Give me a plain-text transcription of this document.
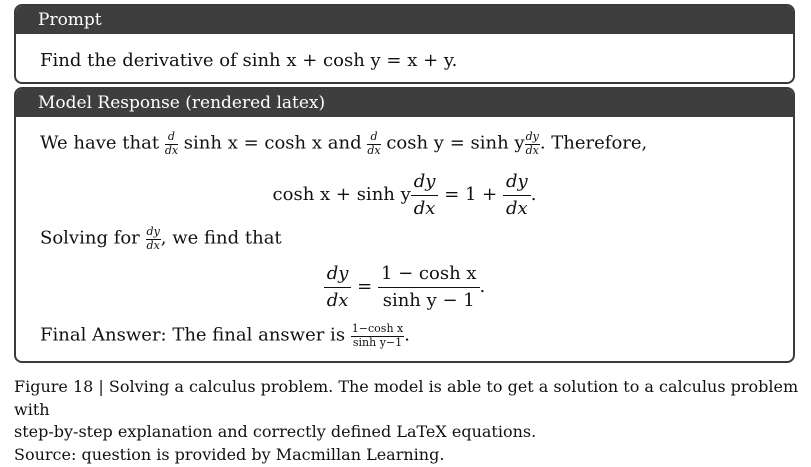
Prompt
Find the derivative of sinh x + cosh y = x + y.
Model Response (rendered latex)
We have that $\frac{d}{dx}$ sinh x = cosh x and $\frac{d}{dx}$ cosh y = sinh y $\frac{dy}{dx}$ . Therefore,
cosh x + sinh y $\frac{dy}{dx} = 1 + \frac{dy}{dx}$ .
Solving for $\frac{dy}{dx}$ , we find that
$\frac{dy}{dx} = \frac{\text{1 − cosh x}}{\text{sinh y − 1}}$ .
Final Answer: The final answer is $\frac{\text{1−cosh x}}{\text{sinh y−1}}$ .
Figure 18 | Solving a calculus problem. The model is able to get a solution to a calculus problem with
step-by-step explanation and correctly defined LaTeX equations.
Source: question is provided by Macmillan Learning.
